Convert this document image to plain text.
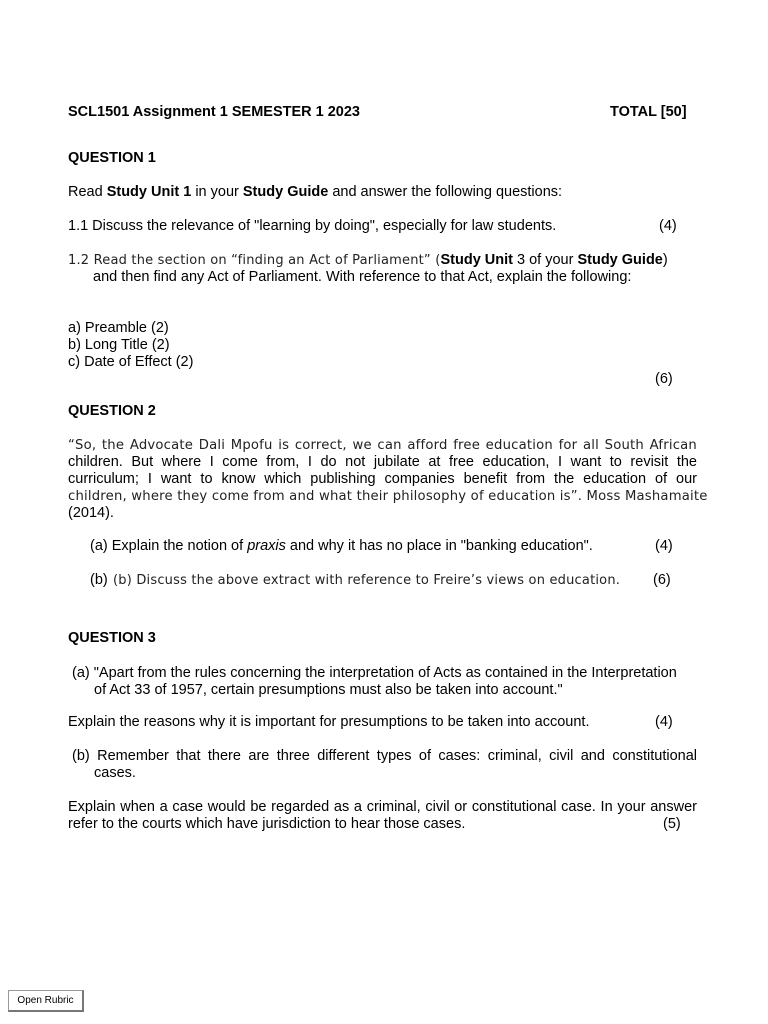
SCL1501 Assignment 1 SEMESTER 1 2023	TOTAL [50]
QUESTION 1
Read Study Unit 1 in your Study Guide and answer the following questions:
1.1 Discuss the relevance of "learning by doing", especially for law students.	(4)
1.2 Read the section on “finding an Act of Parliament” (Study Unit 3 of your Study Guide)
and then find any Act of Parliament. With reference to that Act, explain the following:
a) Preamble (2)
b) Long Title (2)
c) Date of Effect (2)
(6)
QUESTION 2
“So, the Advocate Dali Mpofu is correct, we can afford free education for all South African
children. But where I come from, I do not jubilate at free education, I want to revisit the
curriculum; I want to know which publishing companies benefit from the education of our
children, where they come from and what their philosophy of education is”. Moss Mashamaite
(2014).
(a) Explain the notion of praxis and why it has no place in "banking education".	(4)
(b) (b) Discuss the above extract with reference to Freire’s views on education. (6)
QUESTION 3
(a) "Apart from the rules concerning the interpretation of Acts as contained in the Interpretation
of Act 33 of 1957, certain presumptions must also be taken into account."
Explain the reasons why it is important for presumptions to be taken into account.	(4)
(b) Remember that there are three different types of cases: criminal, civil and constitutional
cases.
Explain when a case would be regarded as a criminal, civil or constitutional case. In your answer
refer to the courts which have jurisdiction to hear those cases.	(5)
Open Rubric
